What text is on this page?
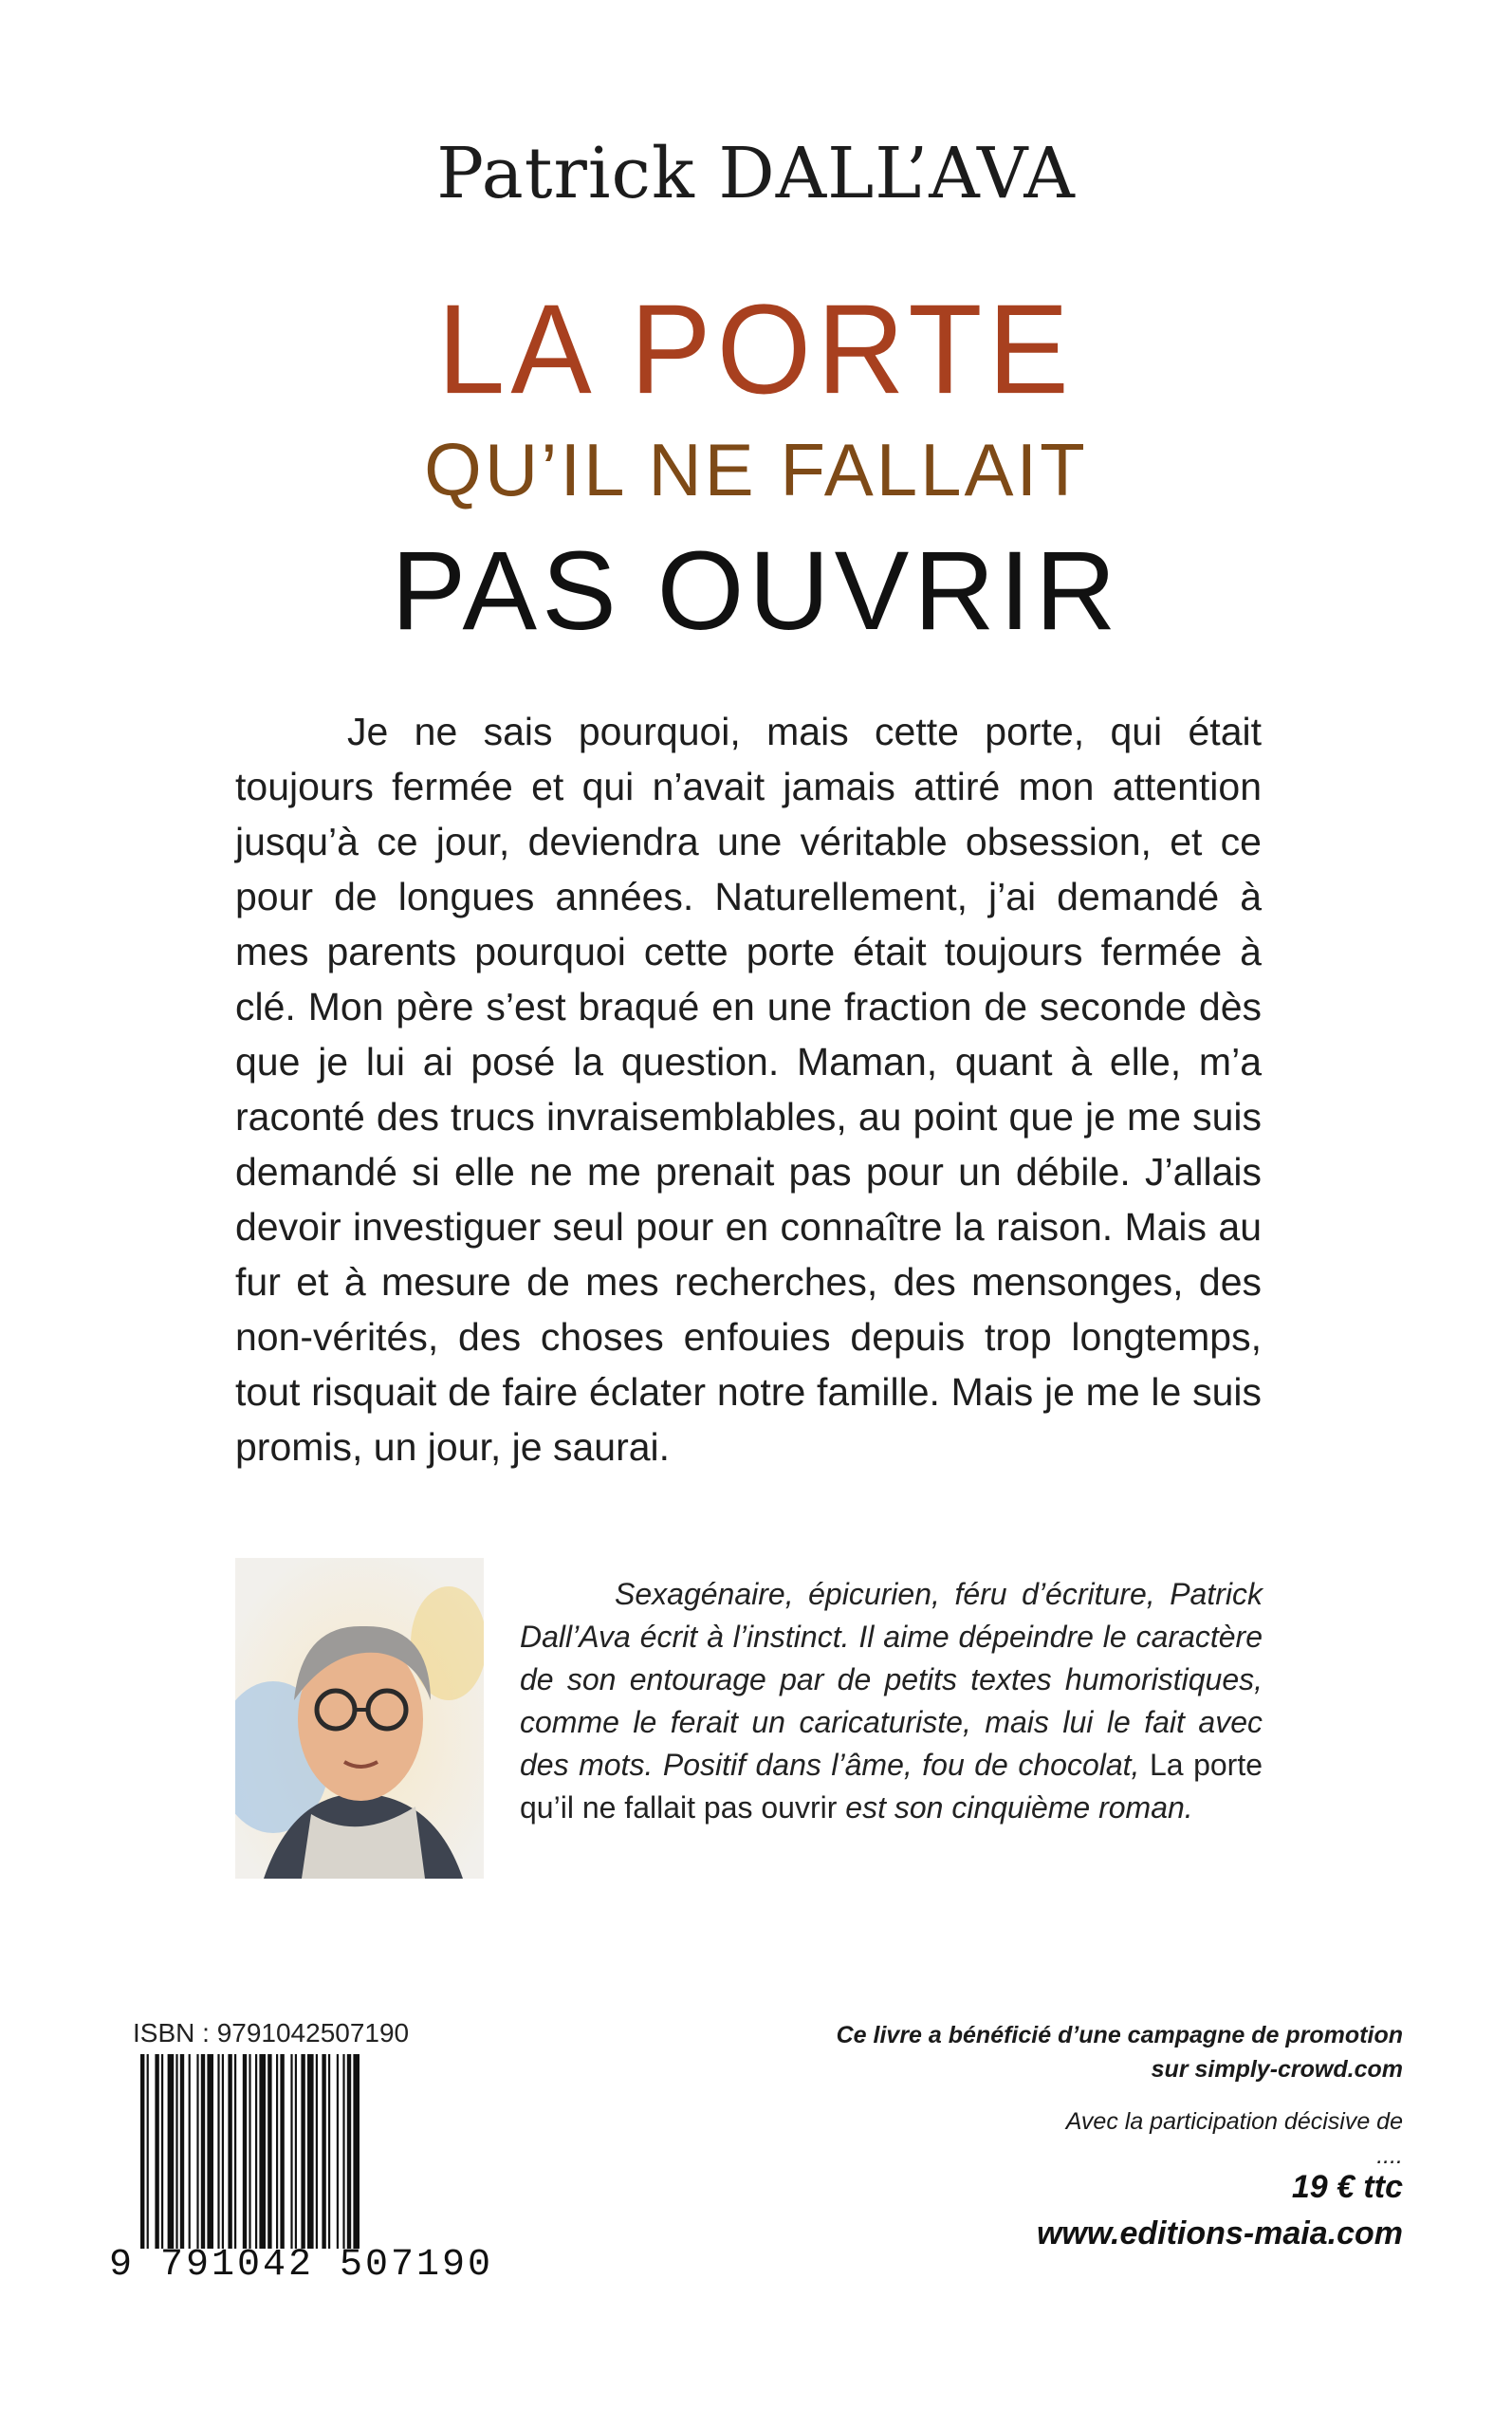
Patrick DALL’AVA
LA PORTE
QU’IL NE FALLAIT
PAS OUVRIR

Je ne sais pourquoi, mais cette porte, qui était toujours fermée et qui n’avait jamais attiré mon attention jusqu’à ce jour, deviendra une véritable obsession, et ce pour de longues années. Naturellement, j’ai demandé à mes parents pourquoi cette porte était toujours fermée à clé. Mon père s’est braqué en une fraction de seconde dès que je lui ai posé la question. Maman, quant à elle, m’a raconté des trucs invraisemblables, au point que je me suis demandé si elle ne me prenait pas pour un débile. J’allais devoir investiguer seul pour en connaître la raison. Mais au fur et à mesure de mes recherches, des mensonges, des non-vérités, des choses enfouies depuis trop longtemps, tout risquait de faire éclater notre famille. Mais je me le suis promis, un jour, je saurai.

Sexagénaire, épicurien, féru d’écriture, Patrick Dall’Ava écrit à l’instinct. Il aime dépeindre le caractère de son entourage par de petits textes humoristiques, comme le ferait un caricaturiste, mais lui le fait avec des mots. Positif dans l’âme, fou de chocolat, La porte qu’il ne fallait pas ouvrir est son cinquième roman.

ISBN : 9791042507190
9 791042 507190
Ce livre a bénéficié d’une campagne de promotion
sur simply-crowd.com
Avec la participation décisive de
....
19 € ttc
www.editions-maia.com
